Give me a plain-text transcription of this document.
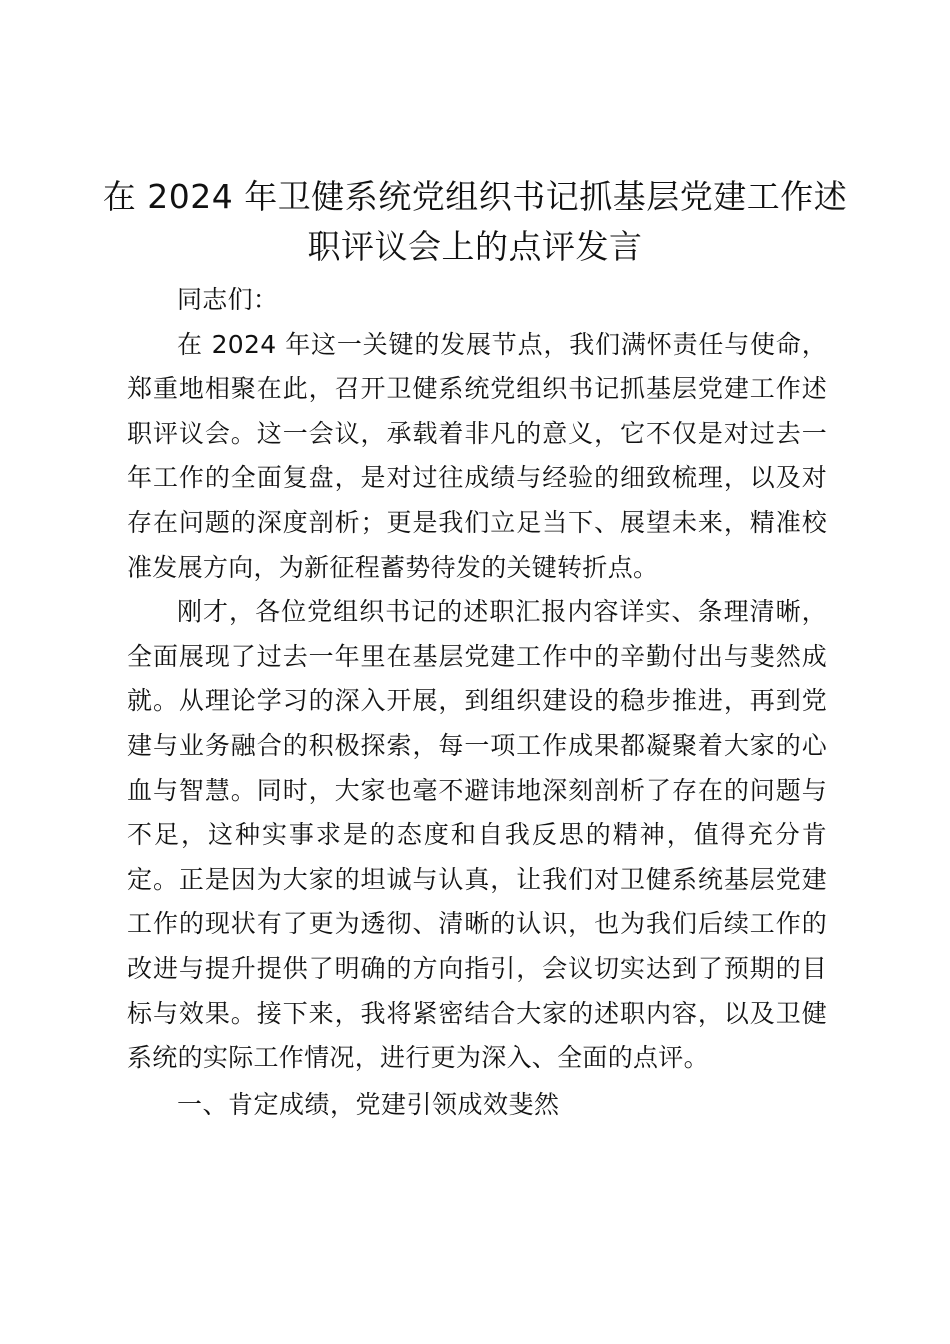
在 2024 年卫健系统党组织书记抓基层党建工作述职评议会上的点评发言

同志们：

在 2024 年这一关键的发展节点，我们满怀责任与使命，郑重地相聚在此，召开卫健系统党组织书记抓基层党建工作述职评议会。这一会议，承载着非凡的意义，它不仅是对过去一年工作的全面复盘，是对过往成绩与经验的细致梳理，以及对存在问题的深度剖析；更是我们立足当下、展望未来，精准校准发展方向，为新征程蓄势待发的关键转折点。

刚才，各位党组织书记的述职汇报内容详实、条理清晰，全面展现了过去一年里在基层党建工作中的辛勤付出与斐然成就。从理论学习的深入开展，到组织建设的稳步推进，再到党建与业务融合的积极探索，每一项工作成果都凝聚着大家的心血与智慧。同时，大家也毫不避讳地深刻剖析了存在的问题与不足，这种实事求是的态度和自我反思的精神，值得充分肯定。正是因为大家的坦诚与认真，让我们对卫健系统基层党建工作的现状有了更为透彻、清晰的认识，也为我们后续工作的改进与提升提供了明确的方向指引，会议切实达到了预期的目标与效果。接下来，我将紧密结合大家的述职内容，以及卫健系统的实际工作情况，进行更为深入、全面的点评。

一、肯定成绩，党建引领成效斐然
